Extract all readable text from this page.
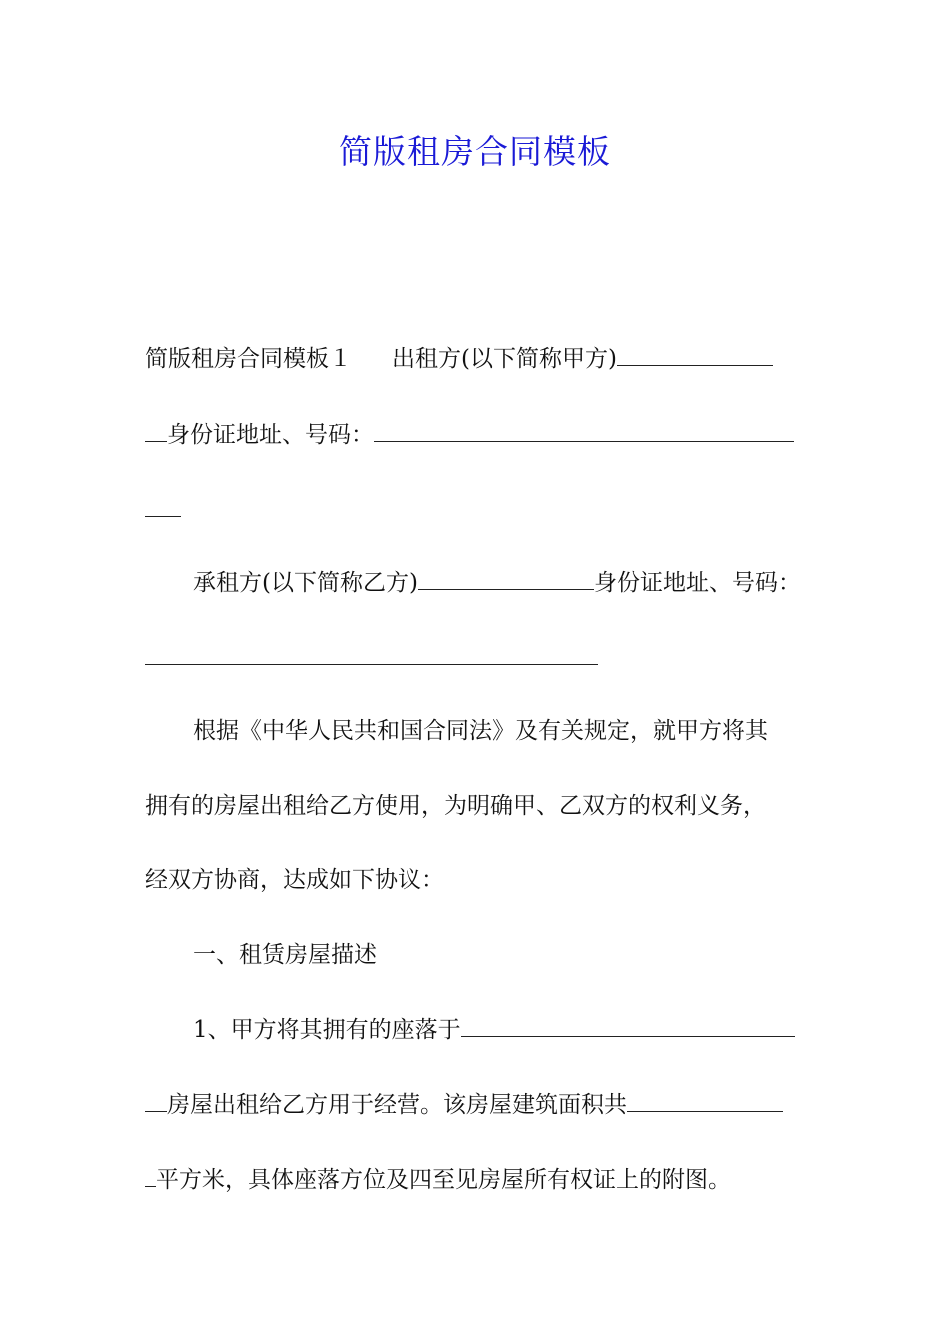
简版租房合同模板
简版租房合同模板１ 出租方(以下简称甲方)
身份证地址、号码：
承租方(以下简称乙方)	身份证地址、号码：
根据《中华人民共和国合同法》及有关规定，就甲方将其
拥有的房屋出租给乙方使用，为明确甲、乙双方的权利义务，
经双方协商，达成如下协议：
一、租赁房屋描述
1、甲方将其拥有的座落于
房屋出租给乙方用于经营。该房屋建筑面积共
平方米，具体座落方位及四至见房屋所有权证上的附图。
